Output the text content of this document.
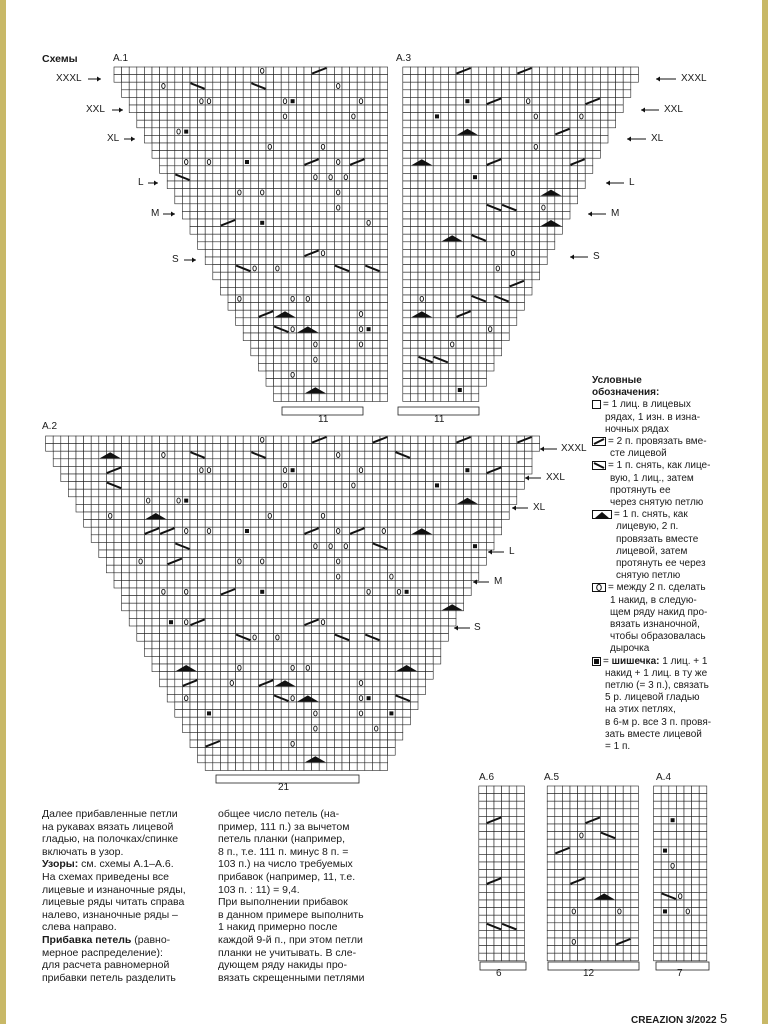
Схемы	A.1	A.3
A.2
A.6	A.5	A.4
XXXL
XXL
XL
L
M
S
XXXL
XXL
XL
L
M
S
XXXL
XXL
XL
L
M
S
11	11
21
6	12	7
Условные
обозначения:
= 1 лиц. в лицевых
рядах, 1 изн. в изна-
ночных рядах
= 2 п. провязать вме-
сте лицевой
= 1 п. снять, как лице-
вую, 1 лиц., затем
протянуть ее
через снятую петлю
= 1 п. снять, как
лицевую, 2 п.
провязать вместе
лицевой, затем
протянуть ее через
снятую петлю
= между 2 п. сделать
1 накид, в следую-
щем ряду накид про-
вязать изнаночной,
чтобы образовалась
дырочка
= шишечка: 1 лиц. + 1
накид + 1 лиц. в ту же
петлю (= 3 п.), связать
5 р. лицевой гладью
на этих петлях,
в 6-м р. все 3 п. провя-
зать вместе лицевой
= 1 п.

Далее прибавленные петли

на рукавах вязать лицевой

гладью, на полочках/спинке

включать в узор.

Узоры: см. схемы А.1–А.6.

На схемах приведены все

лицевые и изнаночные ряды,

лицевые ряды читать справа

налево, изнаночные ряды –

слева направо.

Прибавка петель (равно-

мерное распределение):

для расчета равномерной

прибавки петель разделить

общее число петель (на-

пример, 111 п.) за вычетом

петель планки (например,

8 п., т.е. 111 п. минус 8 п. =

103 п.) на число требуемых

прибавок (например, 11, т.е.

103 п. : 11) = 9,4.

При выполнении прибавок

в данном примере выполнить

1 накид примерно после

каждой 9-й п., при этом петли

планки не учитывать. В сле-

дующем ряду накиды про-

вязать скрещенными петлями

CREAZION 3/2022 5
